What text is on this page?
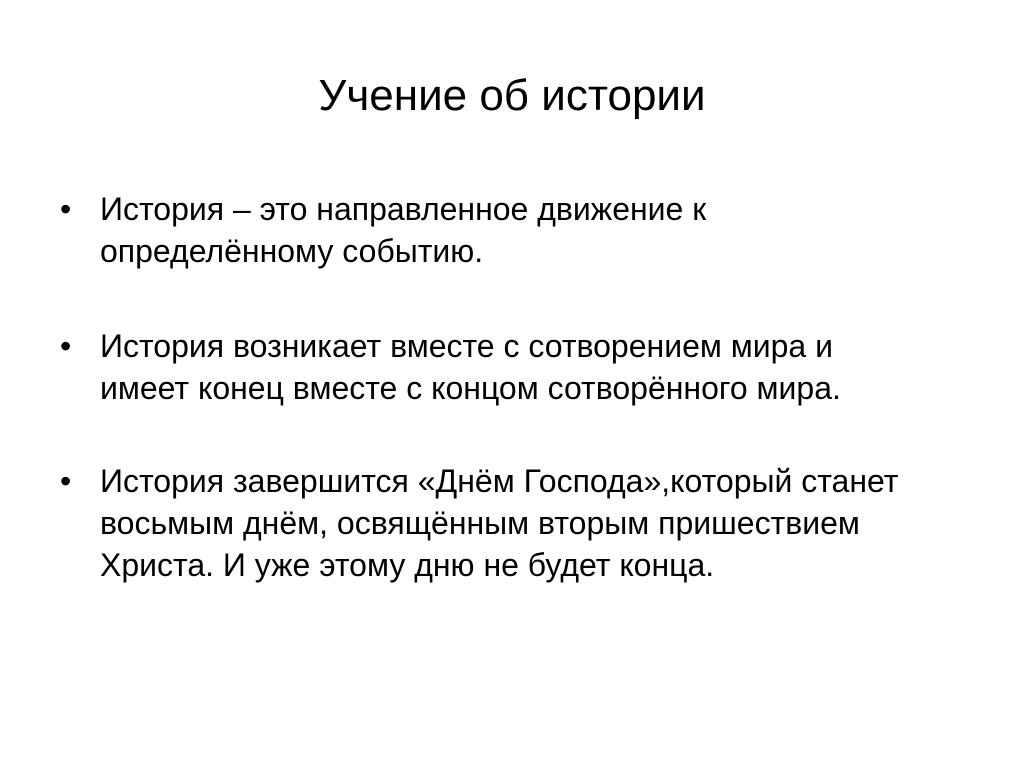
Учение об истории
• История – это направленное движение к
определённому событию.

• История возникает вместе с сотворением мира и
имеет конец вместе с концом сотворённого мира.

• История завершится «Днём Господа»,который станет
восьмым днём, освящённым вторым пришествием
Христа. И уже этому дню не будет конца.
